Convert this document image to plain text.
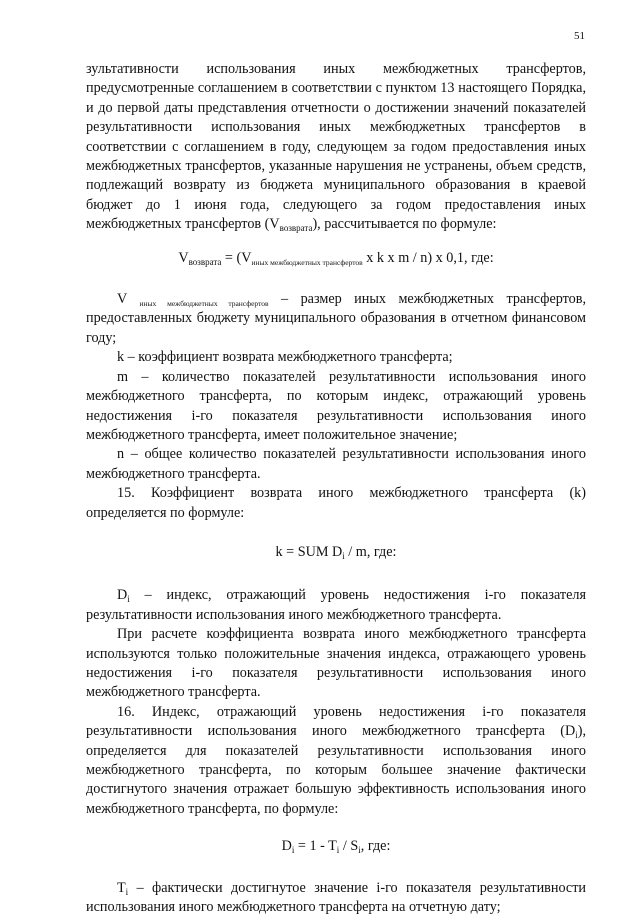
51

зультативности использования иных межбюджетных трансфертов, предусмотренные соглашением в соответствии с пунктом 13 настоящего Порядка, и до первой даты представления отчетности о достижении значений показателей результативности использования иных межбюджетных трансфертов в соответствии с соглашением в году, следующем за годом предоставления иных межбюджетных трансфертов, указанные нарушения не устранены, объем средств, подлежащий возврату из бюджета муниципального образования в краевой бюджет до 1 июня года, следующего за годом предоставления иных межбюджетных трансфертов $(V_{возврата})$, рассчитывается по формуле:

$V_{возврата} = (V_{иных межбюджетных трансфертов}$ x k x m / n) x 0,1, где:

V $_{иных межбюджетных трансфертов}$ – размер иных межбюджетных трансфертов, предоставленных бюджету муниципального образования в отчетном финансовом году;

k – коэффициент возврата межбюджетного трансферта;

m – количество показателей результативности использования иного межбюджетного трансферта, по которым индекс, отражающий уровень недостижения i-го показателя результативности использования иного межбюджетного трансферта, имеет положительное значение;

n – общее количество показателей результативности использования иного межбюджетного трансферта.

15. Коэффициент возврата иного межбюджетного трансферта (k) определяется по формуле:

k = SUM $D_i$ / m, где:

$D_i$ – индекс, отражающий уровень недостижения i-го показателя результативности использования иного межбюджетного трансферта.

При расчете коэффициента возврата иного межбюджетного трансферта используются только положительные значения индекса, отражающего уровень недостижения i-го показателя результативности использования иного межбюджетного трансферта.

16. Индекс, отражающий уровень недостижения i-го показателя результативности использования иного межбюджетного трансферта $(D_i)$, определяется для показателей результативности использования иного межбюджетного трансферта, по которым большее значение фактически достигнутого значения отражает большую эффективность использования иного межбюджетного трансферта, по формуле:

$D_i = 1 - T_i / S_i$, где:

$T_i$ – фактически достигнутое значение i-го показателя результативности использования иного межбюджетного трансферта на отчетную дату;
